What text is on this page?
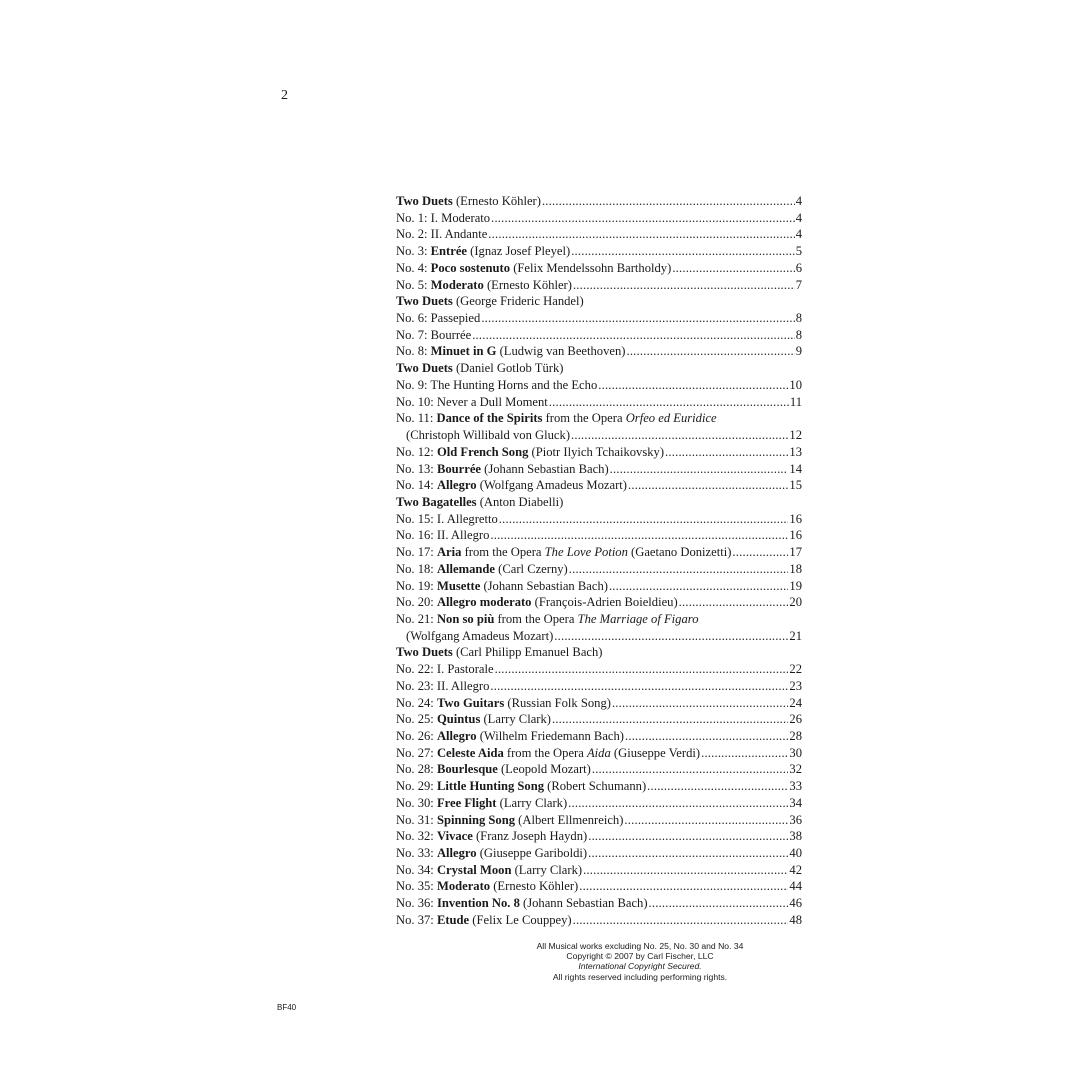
2
Two Duets (Ernesto Köhler) .....	4
No. 1: I. Moderato .....	4
No. 2: II. Andante .....	4
No. 3: Entrée (Ignaz Josef Pleyel) .....	5
No. 4: Poco sostenuto (Felix Mendelssohn Bartholdy) .....	6
No. 5: Moderato (Ernesto Köhler) .....	7
Two Duets (George Frideric Handel)
No. 6: Passepied .....	8
No. 7: Bourrée .....	8
No. 8: Minuet in G (Ludwig van Beethoven) .....	9
Two Duets (Daniel Gotlob Türk)
No. 9: The Hunting Horns and the Echo .....	10
No. 10: Never a Dull Moment .....	11
No. 11: Dance of the Spirits from the Opera Orfeo ed Euridice
(Christoph Willibald von Gluck) .....	12
No. 12: Old French Song (Piotr Ilyich Tchaikovsky) .....	13
No. 13: Bourrée (Johann Sebastian Bach) .....	14
No. 14: Allegro (Wolfgang Amadeus Mozart) .....	15
Two Bagatelles (Anton Diabelli)
No. 15: I. Allegretto .....	16
No. 16: II. Allegro .....	16
No. 17: Aria from the Opera The Love Potion (Gaetano Donizetti) .....	17
No. 18: Allemande (Carl Czerny) .....	18
No. 19: Musette (Johann Sebastian Bach) .....	19
No. 20: Allegro moderato (François-Adrien Boieldieu) .....	20
No. 21: Non so più from the Opera The Marriage of Figaro
(Wolfgang Amadeus Mozart) .....	21
Two Duets (Carl Philipp Emanuel Bach)
No. 22: I. Pastorale .....	22
No. 23: II. Allegro .....	23
No. 24: Two Guitars (Russian Folk Song) .....	24
No. 25: Quintus (Larry Clark) .....	26
No. 26: Allegro (Wilhelm Friedemann Bach) .....	28
No. 27: Celeste Aida from the Opera Aida (Giuseppe Verdi) .....	30
No. 28: Bourlesque (Leopold Mozart) .....	32
No. 29: Little Hunting Song (Robert Schumann) .....	33
No. 30: Free Flight (Larry Clark) .....	34
No. 31: Spinning Song (Albert Ellmenreich) .....	36
No. 32: Vivace (Franz Joseph Haydn) .....	38
No. 33: Allegro (Giuseppe Gariboldi) .....	40
No. 34: Crystal Moon (Larry Clark) .....	42
No. 35: Moderato (Ernesto Köhler) .....	44
No. 36: Invention No. 8 (Johann Sebastian Bach) .....	46
No. 37: Etude (Felix Le Couppey) .....	48
All Musical works excluding No. 25, No. 30 and No. 34
Copyright © 2007 by Carl Fischer, LLC
International Copyright Secured.
All rights reserved including performing rights.
BF40
